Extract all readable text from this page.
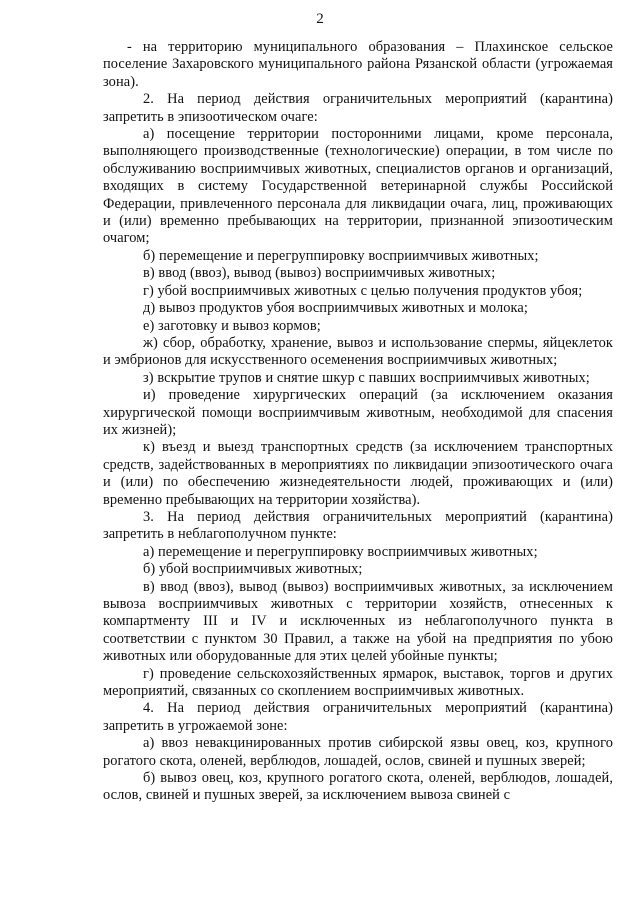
2

- на территорию муниципального образования – Плахинское сельское поселение Захаровского муниципального района Рязанской области (угрожаемая зона).

2. На период действия ограничительных мероприятий (карантина) запретить в эпизоотическом очаге:

а) посещение территории посторонними лицами, кроме персонала, выполняющего производственные (технологические) операции, в том числе по обслуживанию восприимчивых животных, специалистов органов и организаций, входящих в систему Государственной ветеринарной службы Российской Федерации, привлеченного персонала для ликвидации очага, лиц, проживающих и (или) временно пребывающих на территории, признанной эпизоотическим очагом;

б) перемещение и перегруппировку восприимчивых животных;

в) ввод (ввоз), вывод (вывоз) восприимчивых животных;

г) убой восприимчивых животных с целью получения продуктов убоя;

д) вывоз продуктов убоя восприимчивых животных и молока;

е) заготовку и вывоз кормов;

ж) сбор, обработку, хранение, вывоз и использование спермы, яйцеклеток и эмбрионов для искусственного осеменения восприимчивых животных;

з) вскрытие трупов и снятие шкур с павших восприимчивых животных;

и) проведение хирургических операций (за исключением оказания хирургической помощи восприимчивым животным, необходимой для спасения их жизней);

к) въезд и выезд транспортных средств (за исключением транспортных средств, задействованных в мероприятиях по ликвидации эпизоотического очага и (или) по обеспечению жизнедеятельности людей, проживающих и (или) временно пребывающих на территории хозяйства).

3. На период действия ограничительных мероприятий (карантина) запретить в неблагополучном пункте:

а) перемещение и перегруппировку восприимчивых животных;

б) убой восприимчивых животных;

в) ввод (ввоз), вывод (вывоз) восприимчивых животных, за исключением вывоза восприимчивых животных с территории хозяйств, отнесенных к компартменту III и IV и исключенных из неблагополучного пункта в соответствии с пунктом 30 Правил, а также на убой на предприятия по убою животных или оборудованные для этих целей убойные пункты;

г) проведение сельскохозяйственных ярмарок, выставок, торгов и других мероприятий, связанных со скоплением восприимчивых животных.

4. На период действия ограничительных мероприятий (карантина) запретить в угрожаемой зоне:

а) ввоз невакцинированных против сибирской язвы овец, коз, крупного рогатого скота, оленей, верблюдов, лошадей, ослов, свиней и пушных зверей;

б) вывоз овец, коз, крупного рогатого скота, оленей, верблюдов, лошадей, ослов, свиней и пушных зверей, за исключением вывоза свиней с
